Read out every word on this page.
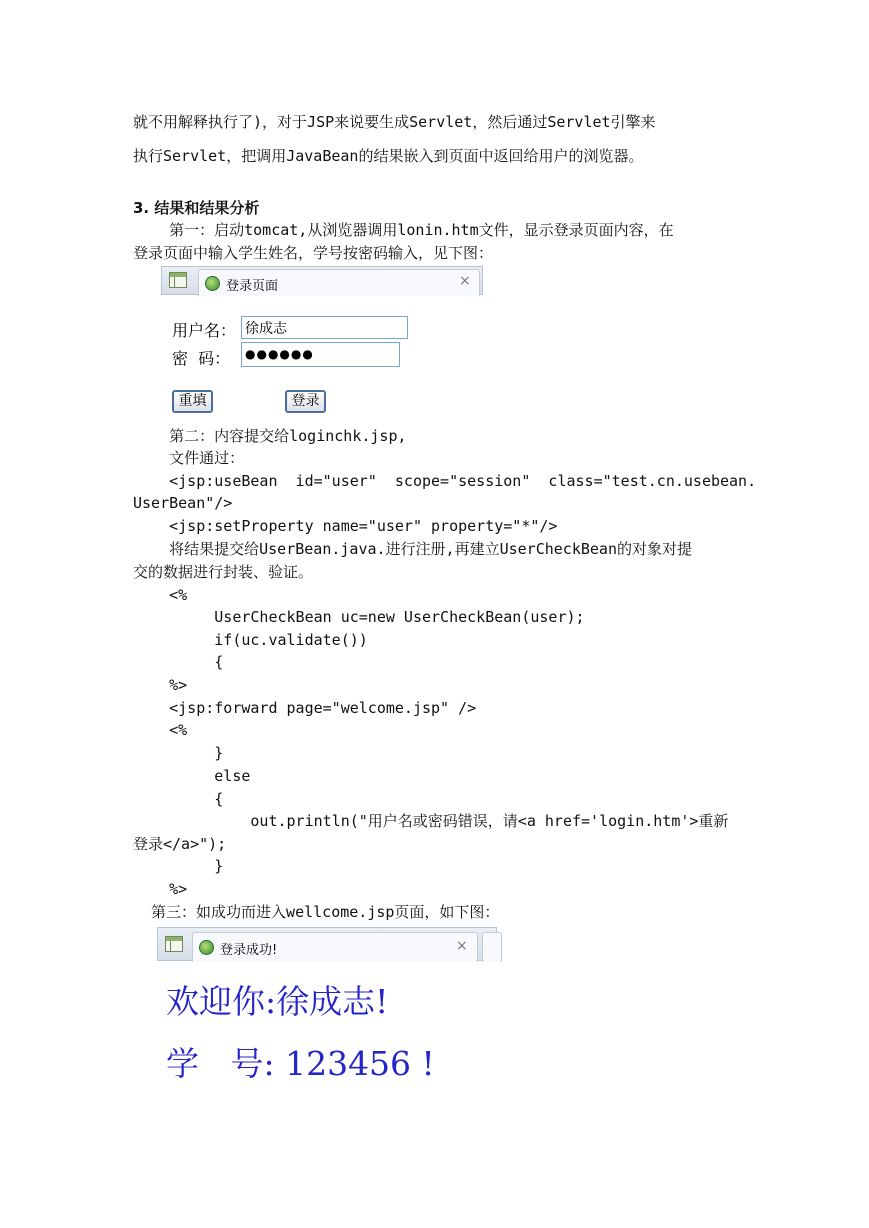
就不用解释执行了)，对于JSP来说要生成Servlet，然后通过Servlet引擎来
执行Servlet，把调用JavaBean的结果嵌入到页面中返回给用户的浏览器。
3. 结果和结果分析
第一：启动tomcat,从浏览器调用lonin.htm文件，显示登录页面内容，在
登录页面中输入学生姓名，学号按密码输入，见下图：
登录页面	×
用户名： 徐成志
密  码：	●●●●●●
重填	登录
第二：内容提交给loginchk.jsp,
文件通过：
<jsp:useBean  id="user"  scope="session"  class="test.cn.usebean.
UserBean"/>
<jsp:setProperty name="user" property="*"/>
将结果提交给UserBean.java.进行注册,再建立UserCheckBean的对象对提
交的数据进行封装、验证。
<%
UserCheckBean uc=new UserCheckBean(user);
if(uc.validate())
{
%>
<jsp:forward page="welcome.jsp" />
<%
}
else
{
out.println("用户名或密码错误，请<a href='login.htm'>重新
登录</a>");
}
%>
第三：如成功而进入wellcome.jsp页面，如下图：
登录成功!	×
欢迎你:徐成志!
学   号: 123456 !
